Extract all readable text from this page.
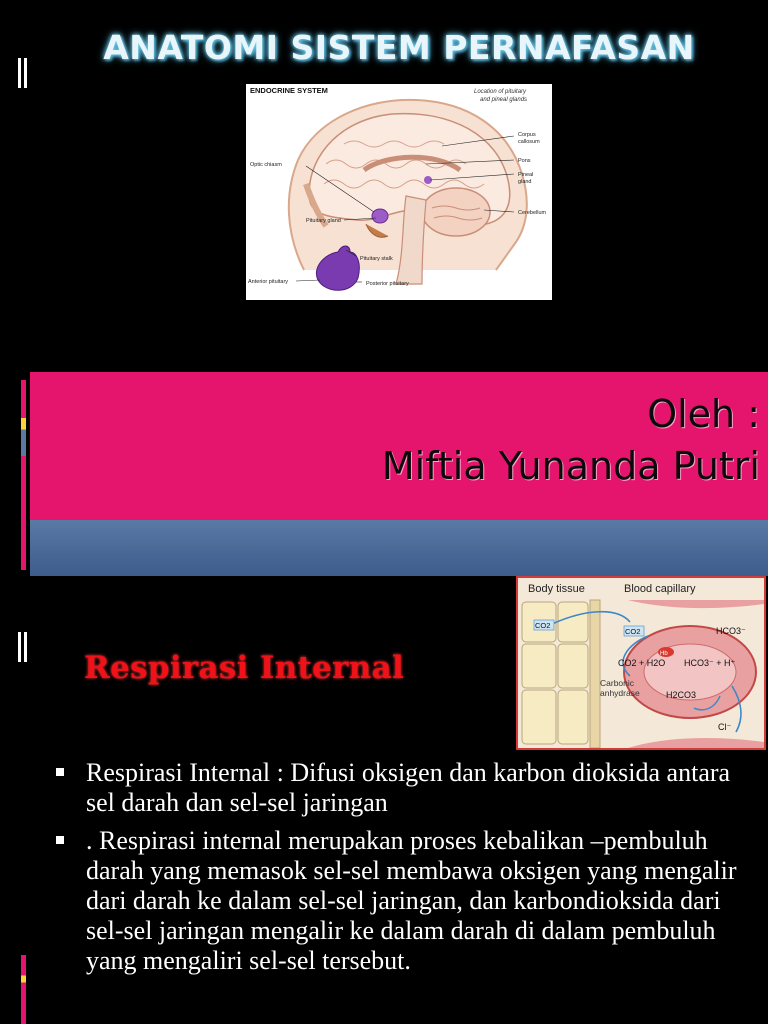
ANATOMI SISTEM PERNAFASAN
ENDOCRINE SYSTEM	Location of pituitary
and pineal glands
Corpus
callosum
Pons
Pineal
gland
Cerebellum
Optic chiasm
Pituitary gland
Pituitary stalk
Anterior pituitary	Posterior pituitary
Oleh :
Miftia Yunanda Putri
Body tissue	Blood capillary
Hb
CO2
CO2	HCO3⁻
CO2 + H2O HCO3⁻ + H⁺
Carbonic
anhydrase	H2CO3
Cl⁻
Respirasi Internal
Respirasi Internal : Difusi oksigen dan karbon dioksida antara sel darah dan sel-sel jaringan
. Respirasi internal merupakan proses kebalikan –pembuluh darah yang memasok sel-sel membawa oksigen yang mengalir dari darah ke dalam sel-sel jaringan, dan karbondioksida dari sel-sel jaringan mengalir ke dalam darah di dalam pembuluh yang mengaliri sel-sel tersebut.
